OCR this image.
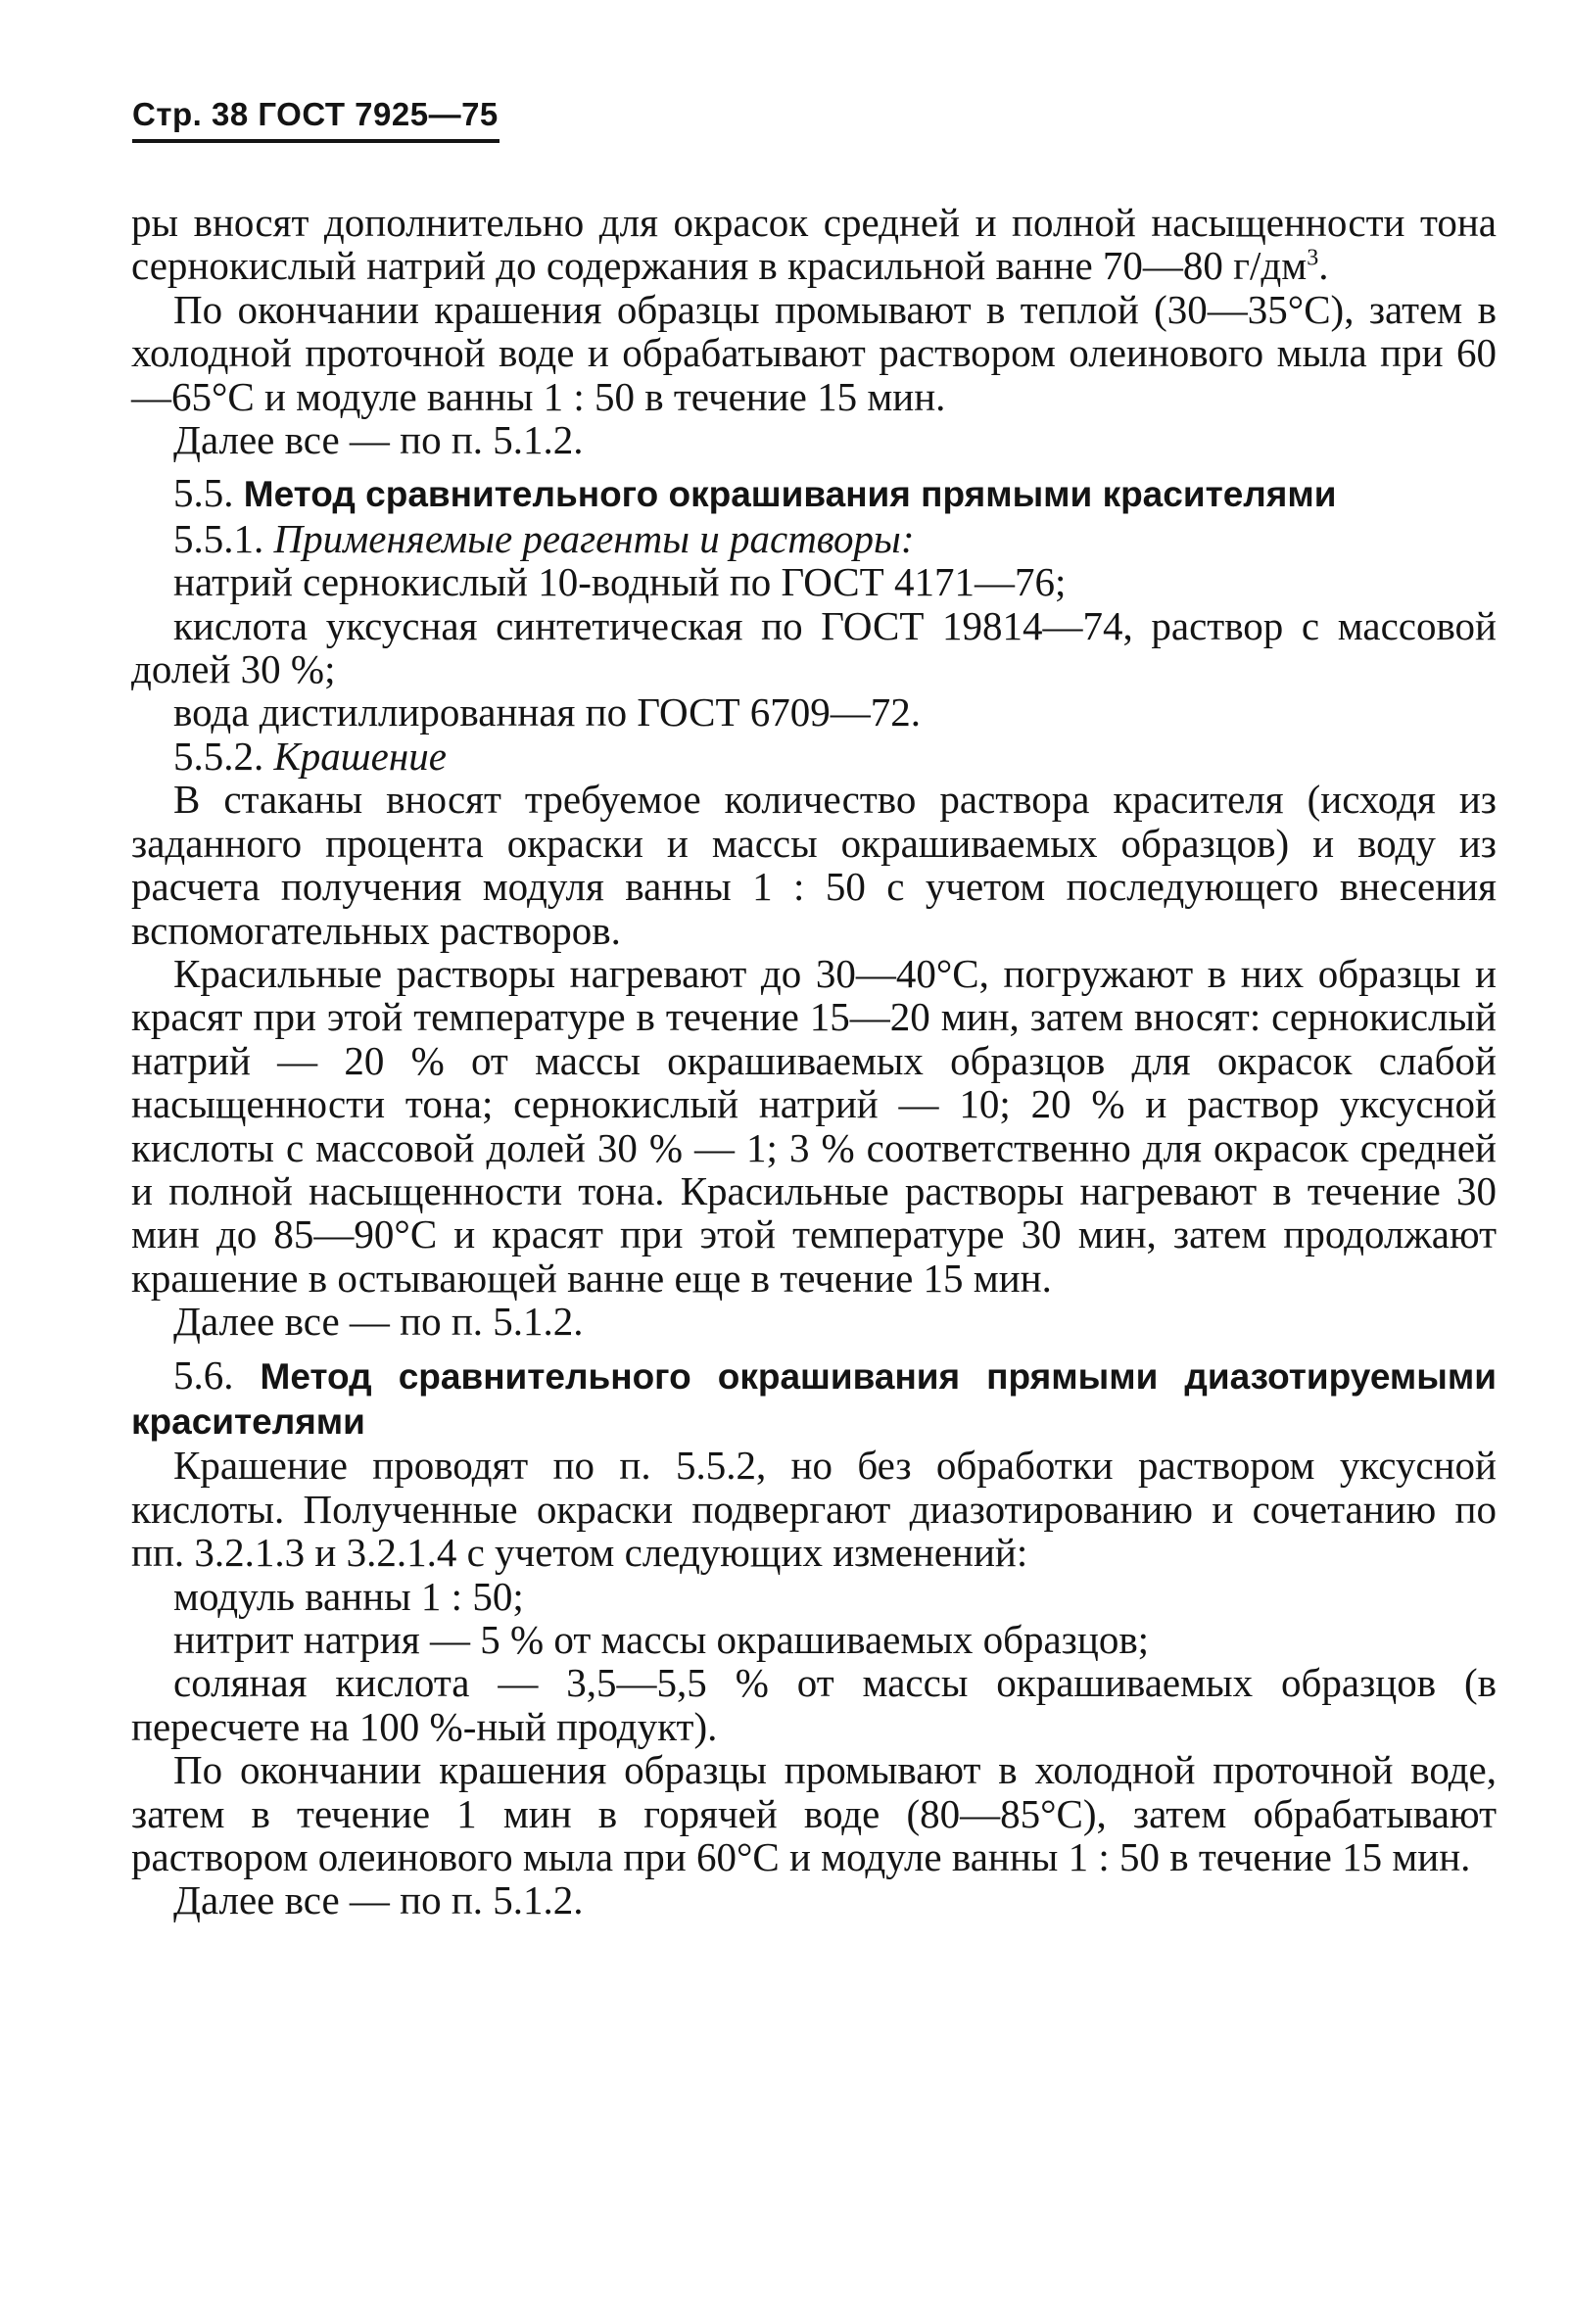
Стр. 38 ГОСТ 7925—75

ры вносят дополнительно для окрасок средней и полной насыщенности тона сернокислый натрий до содержания в красильной ванне 70—80 $г/дм^3$.

По окончании крашения образцы промывают в теплой (30—35°С), затем в холодной проточной воде и обрабатывают раствором олеинового мыла при 60—65°С и модуле ванны 1 : 50 в течение 15 мин.

Далее все — по п. 5.1.2.

5.5. Метод сравнительного окрашивания прямыми красителями

5.5.1. Применяемые реагенты и растворы:

натрий сернокислый 10-водный по ГОСТ 4171—76;

кислота уксусная синтетическая по ГОСТ 19814—74, раствор с массовой долей 30 %;

вода дистиллированная по ГОСТ 6709—72.

5.5.2. Крашение

В стаканы вносят требуемое количество раствора красителя (исходя из заданного процента окраски и массы окрашиваемых образцов) и воду из расчета получения модуля ванны 1 : 50 с учетом последующего внесения вспомогательных растворов.

Красильные растворы нагревают до 30—40°С, погружают в них образцы и красят при этой температуре в течение 15—20 мин, затем вносят: сернокислый натрий — 20 % от массы окрашиваемых образцов для окрасок слабой насыщенности тона; сернокислый натрий — 10; 20 % и раствор уксусной кислоты с массовой долей 30 % — 1; 3 % соответственно для окрасок средней и полной насыщенности тона. Красильные растворы нагревают в течение 30 мин до 85—90°С и красят при этой температуре 30 мин, затем продолжают крашение в остывающей ванне еще в течение 15 мин.

Далее все — по п. 5.1.2.

5.6. Метод сравнительного окрашивания прямыми диазотируемыми красителями

Крашение проводят по п. 5.5.2, но без обработки раствором уксусной кислоты. Полученные окраски подвергают диазотированию и сочетанию по пп. 3.2.1.3 и 3.2.1.4 с учетом следующих изменений:

модуль ванны 1 : 50;

нитрит натрия — 5 % от массы окрашиваемых образцов;

соляная кислота — 3,5—5,5 % от массы окрашиваемых образцов (в пересчете на 100 %-ный продукт).

По окончании крашения образцы промывают в холодной проточной воде, затем в течение 1 мин в горячей воде (80—85°С), затем обрабатывают раствором олеинового мыла при 60°С и модуле ванны 1 : 50 в течение 15 мин.

Далее все — по п. 5.1.2.
